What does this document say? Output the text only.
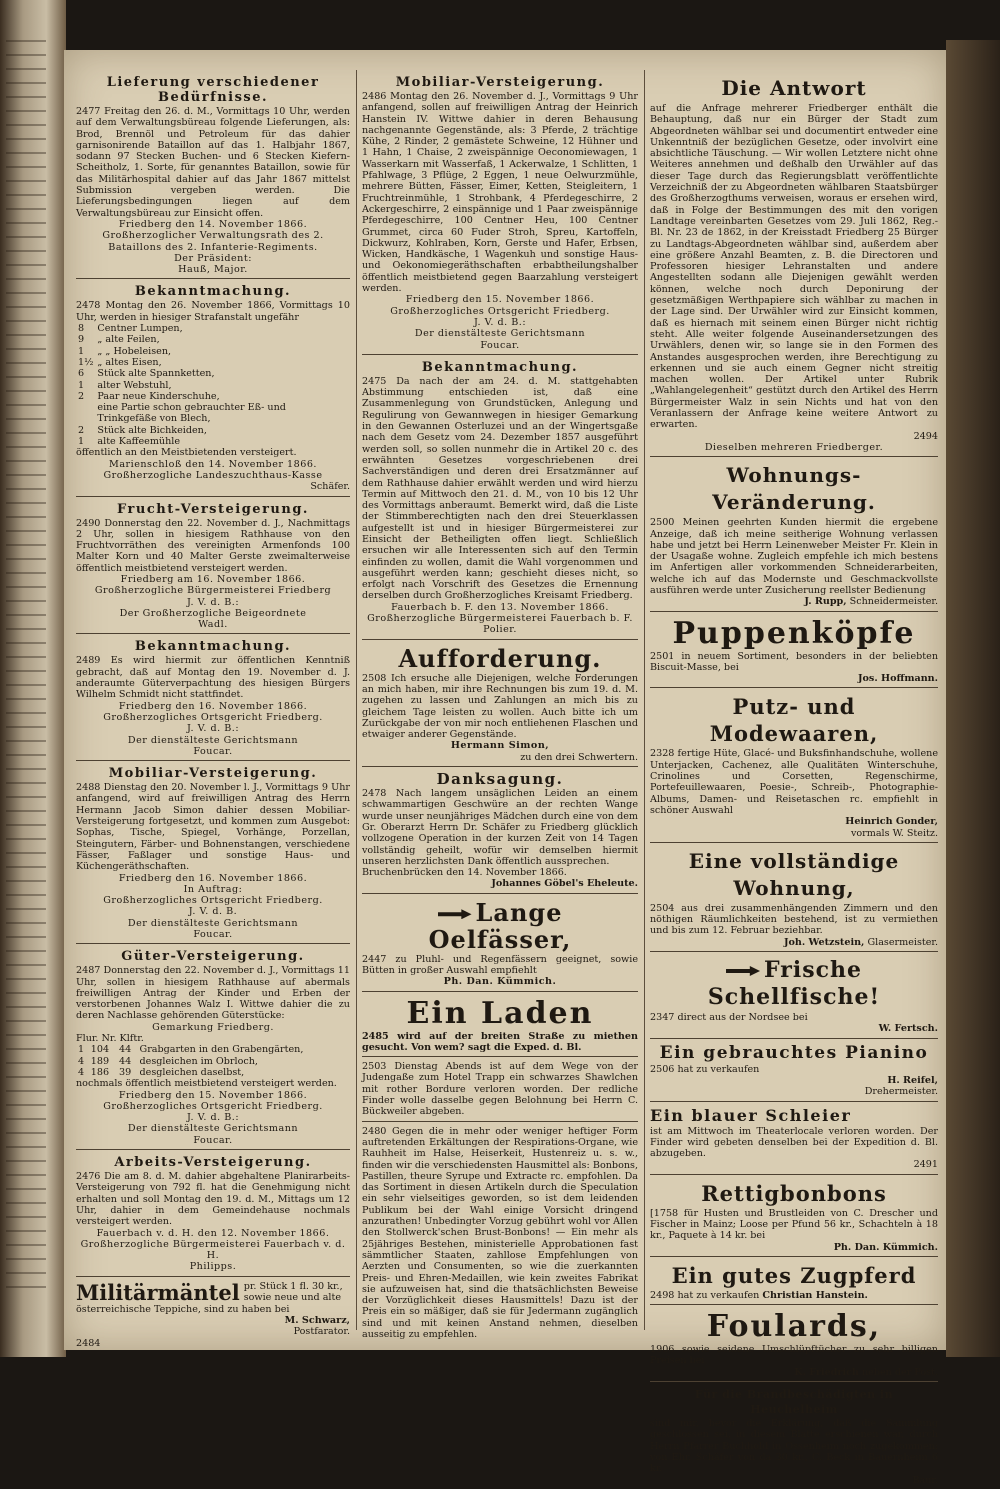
Lieferung verschiedener Bedürfnisse.

2477 Freitag den 26. d. M., Vormittags 10 Uhr, werden auf dem Verwaltungsbüreau folgende Lieferungen, als: Brod, Brennöl und Petroleum für das dahier garnisonirende Bataillon auf das 1. Halbjahr 1867, sodann 97 Stecken Buchen- und 6 Stecken Kiefern-Scheitholz, 1. Sorte, für genanntes Bataillon, sowie für das Militärhospital dahier auf das Jahr 1867 mittelst Submission vergeben werden. Die Lieferungsbedingungen liegen auf dem Verwaltungsbüreau zur Einsicht offen.

Friedberg den 14. November 1866.

Großherzoglicher Verwaltungsrath des 2. Bataillons des 2. Infanterie-Regiments.

Der Präsident:

Hauß, Major.

Bekanntmachung.

2478 Montag den 26. November 1866, Vormittags 10 Uhr, werden in hiesiger Strafanstalt ungefähr

8	Centner Lumpen,
9	„ alte Feilen,
1	„ „ Hobeleisen,
1½	„ altes Eisen,
6	Stück alte Spannketten,
1	alter Webstuhl,
2	Paar neue Kinderschuhe,
	eine Partie schon gebrauchter Eß- und Trinkgefäße von Blech,
2	Stück alte Bichkeiden,
1	alte Kaffeemühle

öffentlich an den Meistbietenden versteigert.

Marienschloß den 14. November 1866.

Großherzogliche Landeszuchthaus-Kasse

Schäfer.

Frucht-Versteigerung.

2490 Donnerstag den 22. November d. J., Nachmittags 2 Uhr, sollen in hiesigem Rathhause von den Fruchtvorräthen des vereinigten Armenfonds 100 Malter Korn und 40 Malter Gerste zweimalterweise öffentlich meistbietend versteigert werden.

Friedberg am 16. November 1866.

Großherzogliche Bürgermeisterei Friedberg

J. V. d. B.:

Der Großherzogliche Beigeordnete

Wadl.

Bekanntmachung.

2489 Es wird hiermit zur öffentlichen Kenntniß gebracht, daß auf Montag den 19. November d. J. anderaumte Güterverpachtung des hiesigen Bürgers Wilhelm Schmidt nicht stattfindet.

Friedberg den 16. November 1866.

Großherzogliches Ortsgericht Friedberg.

J. V. d. B.:

Der dienstälteste Gerichtsmann

Foucar.

Mobiliar-Versteigerung.

2488 Dienstag den 20. November l. J., Vormittags 9 Uhr anfangend, wird auf freiwilligen Antrag des Herrn Hermann Jacob Simon dahier dessen Mobiliar-Versteigerung fortgesetzt, und kommen zum Ausgebot: Sophas, Tische, Spiegel, Vorhänge, Porzellan, Steingutern, Färber- und Bohnenstangen, verschiedene Fässer, Faßlager und sonstige Haus- und Küchengeräthschaften.

Friedberg den 16. November 1866.

In Auftrag:

Großherzogliches Ortsgericht Friedberg.

J. V. d. B.

Der dienstälteste Gerichtsmann

Foucar.

Güter-Versteigerung.

2487 Donnerstag den 22. November d. J., Vormittags 11 Uhr, sollen in hiesigem Rathhause auf abermals freiwilligen Antrag der Kinder und Erben der verstorbenen Johannes Walz I. Wittwe dahier die zu deren Nachlasse gehörenden Güterstücke:

Gemarkung Friedberg.

Flur. Nr. Klftr.

1	104	44	Grabgarten in den Grabengärten,
4	189	44	desgleichen im Obrloch,
4	186	39	desgleichen daselbst,

nochmals öffentlich meistbietend versteigert werden.

Friedberg den 15. November 1866.

Großherzogliches Ortsgericht Friedberg.

J. V. d. B.:

Der dienstälteste Gerichtsmann

Foucar.

Arbeits-Versteigerung.

2476 Die am 8. d. M. dahier abgehaltene Planirarbeits-Versteigerung von 792 fl. hat die Genehmigung nicht erhalten und soll Montag den 19. d. M., Mittags um 12 Uhr, dahier in dem Gemeindehause nochmals versteigert werden.

Fauerbach v. d. H. den 12. November 1866.

Großherzogliche Bürgermeisterei Fauerbach v. d. H.

Philipps.

Militärmäntel pr. Stück 1 fl. 30 kr., sowie neue und alte

österreichische Teppiche, sind zu haben bei

M. Schwarz,

Postfarator.

2484

Mobiliar-Versteigerung.

2486 Montag den 26. November d. J., Vormittags 9 Uhr anfangend, sollen auf freiwilligen Antrag der Heinrich Hanstein IV. Wittwe dahier in deren Behausung nachgenannte Gegenstände, als: 3 Pferde, 2 trächtige Kühe, 2 Rinder, 2 gemästete Schweine, 12 Hühner und 1 Hahn, 1 Chaise, 2 zweispännige Oeconomiewagen, 1 Wasserkarn mit Wasserfaß, 1 Ackerwalze, 1 Schlitten, 1 Pfahlwage, 3 Pflüge, 2 Eggen, 1 neue Oelwurzmühle, mehrere Bütten, Fässer, Eimer, Ketten, Steigleitern, 1 Fruchtreinmühle, 1 Strohbank, 4 Pferdegeschirre, 2 Ackergeschirre, 2 einspännige und 1 Paar zweispännige Pferdegeschirre, 100 Centner Heu, 100 Centner Grummet, circa 60 Fuder Stroh, Spreu, Kartoffeln, Dickwurz, Kohlraben, Korn, Gerste und Hafer, Erbsen, Wicken, Handkäsche, 1 Wagenkuh und sonstige Haus- und Oekonomiegeräthschaften erbabtheilungshalber öffentlich meistbietend gegen Baarzahlung versteigert werden.

Friedberg den 15. November 1866.

Großherzogliches Ortsgericht Friedberg.

J. V. d. B.:

Der dienstälteste Gerichtsmann

Foucar.

Bekanntmachung.

2475 Da nach der am 24. d. M. stattgehabten Abstimmung entschieden ist, daß eine Zusammenlegung von Grundstücken, Anlegung und Regulirung von Gewannwegen in hiesiger Gemarkung in den Gewannen Osterluzei und an der Wingertsgaße nach dem Gesetz vom 24. Dezember 1857 ausgeführt werden soll, so sollen nunmehr die in Artikel 20 c. des erwähnten Gesetzes vorgeschriebenen drei Sachverständigen und deren drei Ersatzmänner auf dem Rathhause dahier erwählt werden und wird hierzu Termin auf Mittwoch den 21. d. M., von 10 bis 12 Uhr des Vormittags anberaumt. Bemerkt wird, daß die Liste der Stimmberechtigten nach den drei Steuerklassen aufgestellt ist und in hiesiger Bürgermeisterei zur Einsicht der Betheiligten offen liegt. Schließlich ersuchen wir alle Interessenten sich auf den Termin einfinden zu wollen, damit die Wahl vorgenommen und ausgeführt werden kann; geschieht dieses nicht, so erfolgt nach Vorschrift des Gesetzes die Ernennung derselben durch Großherzogliches Kreisamt Friedberg.

Fauerbach b. F. den 13. November 1866.

Großherzogliche Bürgermeisterei Fauerbach b. F.

Polier.

Aufforderung.

2508 Ich ersuche alle Diejenigen, welche Forderungen an mich haben, mir ihre Rechnungen bis zum 19. d. M. zugehen zu lassen und Zahlungen an mich bis zu gleichem Tage leisten zu wollen. Auch bitte ich um Zurückgabe der von mir noch entliehenen Flaschen und etwaiger anderer Gegenstände.

Hermann Simon,

zu den drei Schwertern.

Danksagung.

2478 Nach langem unsäglichen Leiden an einem schwammartigen Geschwüre an der rechten Wange wurde unser neunjähriges Mädchen durch eine von dem Gr. Oberarzt Herrn Dr. Schäfer zu Friedberg glücklich vollzogene Operation in der kurzen Zeit von 14 Tagen vollständig geheilt, wofür wir demselben hiermit unseren herzlichsten Dank öffentlich aussprechen.

Bruchenbrücken den 14. November 1866.

Johannes Göbel's Eheleute.

Lange Oelfässer,

2447 zu Pluhl- und Regenfässern geeignet, sowie Bütten in großer Auswahl empfiehlt

Ph. Dan. Kümmich.

Ein Laden

2485 wird auf der breiten Straße zu miethen gesucht. Von wem? sagt die Exped. d. Bl.

2503 Dienstag Abends ist auf dem Wege von der Judengaße zum Hotel Trapp ein schwarzes Shawlchen mit rother Bordure verloren worden. Der redliche Finder wolle dasselbe gegen Belohnung bei Herrn C. Bückweiler abgeben.

2480 Gegen die in mehr oder weniger heftiger Form auftretenden Erkältungen der Respirations-Organe, wie Rauhheit im Halse, Heiserkeit, Hustenreiz u. s. w., finden wir die verschiedensten Hausmittel als: Bonbons, Pastillen, theure Syrupe und Extracte rc. empfohlen. Da das Sortiment in diesen Artikeln durch die Speculation ein sehr vielseitiges geworden, so ist dem leidenden Publikum bei der Wahl einige Vorsicht dringend anzurathen! Unbedingter Vorzug gebührt wohl vor Allen den Stollwerck'schen Brust-Bonbons! — Ein mehr als 25jähriges Bestehen, ministerielle Approbationen fast sämmtlicher Staaten, zahllose Empfehlungen von Aerzten und Consumenten, so wie die zuerkannten Preis- und Ehren-Medaillen, wie kein zweites Fabrikat sie aufzuweisen hat, sind die thatsächlichsten Beweise der Vorzüglichkeit dieses Hausmittels! Dazu ist der Preis ein so mäßiger, daß sie für Jedermann zugänglich sind und mit keinen Anstand nehmen, dieselben ausseitig zu empfehlen.

Die Antwort

auf die Anfrage mehrerer Friedberger enthält die Behauptung, daß nur ein Bürger der Stadt zum Abgeordneten wählbar sei und documentirt entweder eine Unkenntniß der bezüglichen Gesetze, oder involvirt eine absichtliche Täuschung. — Wir wollen Letztere nicht ohne Weiteres annehmen und deßhalb den Urwähler auf das dieser Tage durch das Regierungsblatt veröffentlichte Verzeichniß der zu Abgeordneten wählbaren Staatsbürger des Großherzogthums verweisen, woraus er ersehen wird, daß in Folge der Bestimmungen des mit den vorigen Landtage vereinbarten Gesetzes vom 29. Juli 1862, Reg.-Bl. Nr. 23 de 1862, in der Kreisstadt Friedberg 25 Bürger zu Landtags-Abgeordneten wählbar sind, außerdem aber eine größere Anzahl Beamten, z. B. die Directoren und Professoren hiesiger Lehranstalten und andere Angestellten sodann alle Diejenigen gewählt werden können, welche noch durch Deponirung der gesetzmäßigen Werthpapiere sich wählbar zu machen in der Lage sind. Der Urwähler wird zur Einsicht kommen, daß es hiernach mit seinem einen Bürger nicht richtig steht. Alle weiter folgende Auseinandersetzungen des Urwählers, denen wir, so lange sie in den Formen des Anstandes ausgesprochen werden, ihre Berechtigung zu erkennen und sie auch einem Gegner nicht streitig machen wollen. Der Artikel unter Rubrik „Wahlangelegenheit“ gestützt durch den Artikel des Herrn Bürgermeister Walz in sein Nichts und hat von den Veranlassern der Anfrage keine weitere Antwort zu erwarten.

2494

Dieselben mehreren Friedberger.

Wohnungs-Veränderung.

2500 Meinen geehrten Kunden hiermit die ergebene Anzeige, daß ich meine seitherige Wohnung verlassen habe und jetzt bei Herrn Leinenweber Meister Fr. Klein in der Usagaße wohne. Zugleich empfehle ich mich bestens im Anfertigen aller vorkommenden Schneiderarbeiten, welche ich auf das Modernste und Geschmackvollste ausführen werde unter Zusicherung reellster Bedienung

J. Rupp, Schneidermeister.

Puppenköpfe

2501 in neuem Sortiment, besonders in der beliebten Biscuit-Masse, bei

Jos. Hoffmann.

Putz- und Modewaaren,

2328 fertige Hüte, Glacé- und Buksfinhandschuhe, wollene Unterjacken, Cachenez, alle Qualitäten Winterschuhe, Crinolines und Corsetten, Regenschirme, Portefeuillewaaren, Poesie-, Schreib-, Photographie-Albums, Damen- und Reisetaschen rc. empfiehlt in schöner Auswahl

Heinrich Gonder,

vormals W. Steitz.

Eine vollständige Wohnung,

2504 aus drei zusammenhängenden Zimmern und den nöthigen Räumlichkeiten bestehend, ist zu vermiethen und bis zum 12. Februar beziehbar.

Joh. Wetzstein, Glasermeister.

Frische Schellfische!

2347 direct aus der Nordsee bei

W. Fertsch.

Ein gebrauchtes Pianino

2506 hat zu verkaufen

H. Reifel,

Drehermeister.

Ein blauer Schleier

ist am Mittwoch im Theaterlocale verloren worden. Der Finder wird gebeten denselben bei der Expedition d. Bl. abzugeben.

2491

Rettigbonbons

[1758 für Husten und Brustleiden von C. Drescher und Fischer in Mainz; Loose per Pfund 56 kr., Schachteln à 18 kr., Paquete à 14 kr. bei

Ph. Dan. Kümmich.

Ein gutes Zugpferd

2498 hat zu verkaufen Christian Hanstein.

Foulards,

1906 sowie seidene Umschlüpftücher zu sehr billigen Preisen bei

K. Friedrich neben der Post.

Für die Brandbeschädigten in Heuchelheim

sind mir, bevor die Erklärung, daß die Sammlung geschlossen sei, in diesem Blatte erschienen war, durch Herrn Pfarrer Buchhold in Ossenheim noch zugekommen: von Ehr. Schäfer von da 30 kr., C. Beck in Bauernheim 6 kr.

Baur.
